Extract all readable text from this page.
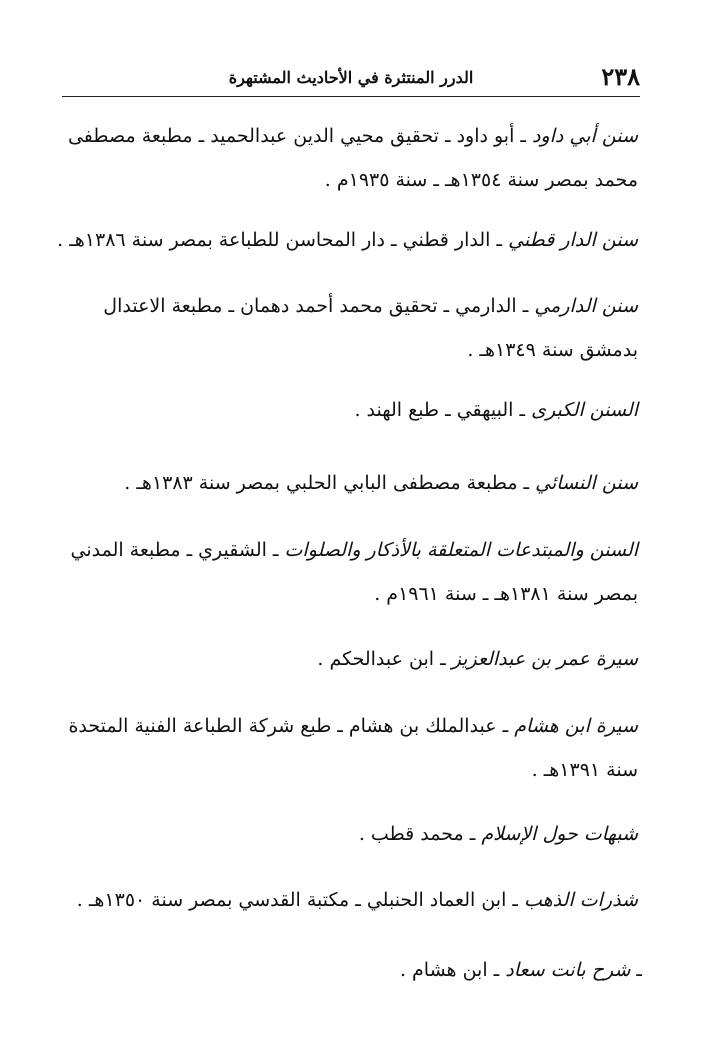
٢٣٨
الدرر المنتثرة في الأحاديث المشتهرة
سنن أبي داود ـ أبو داود ـ تحقيق محيي الدين عبدالحميد ـ مطبعة مصطفى محمد بمصر سنة ١٣٥٤هـ ـ سنة ١٩٣٥م .
سنن الدار قطني ـ الدار قطني ـ دار المحاسن للطباعة بمصر سنة ١٣٨٦هـ .
سنن الدارمي ـ الدارمي ـ تحقيق محمد أحمد دهمان ـ مطبعة الاعتدال بدمشق سنة ١٣٤٩هـ .
السنن الكبرى ـ البيهقي ـ طبع الهند .
سنن النسائي ـ مطبعة مصطفى البابي الحلبي بمصر سنة ١٣٨٣هـ .
السنن والمبتدعات المتعلقة بالأذكار والصلوات ـ الشقيري ـ مطبعة المدني بمصر سنة ١٣٨١هـ ـ سنة ١٩٦١م .
سيرة عمر بن عبدالعزيز ـ ابن عبدالحكم .
سيرة ابن هشام ـ عبدالملك بن هشام ـ طبع شركة الطباعة الفنية المتحدة سنة ١٣٩١هـ .
شبهات حول الإسلام ـ محمد قطب .
شذرات الذهب ـ ابن العماد الحنبلي ـ مكتبة القدسي بمصر سنة ١٣٥٠هـ .
ـ شرح بانت سعاد ـ ابن هشام .
